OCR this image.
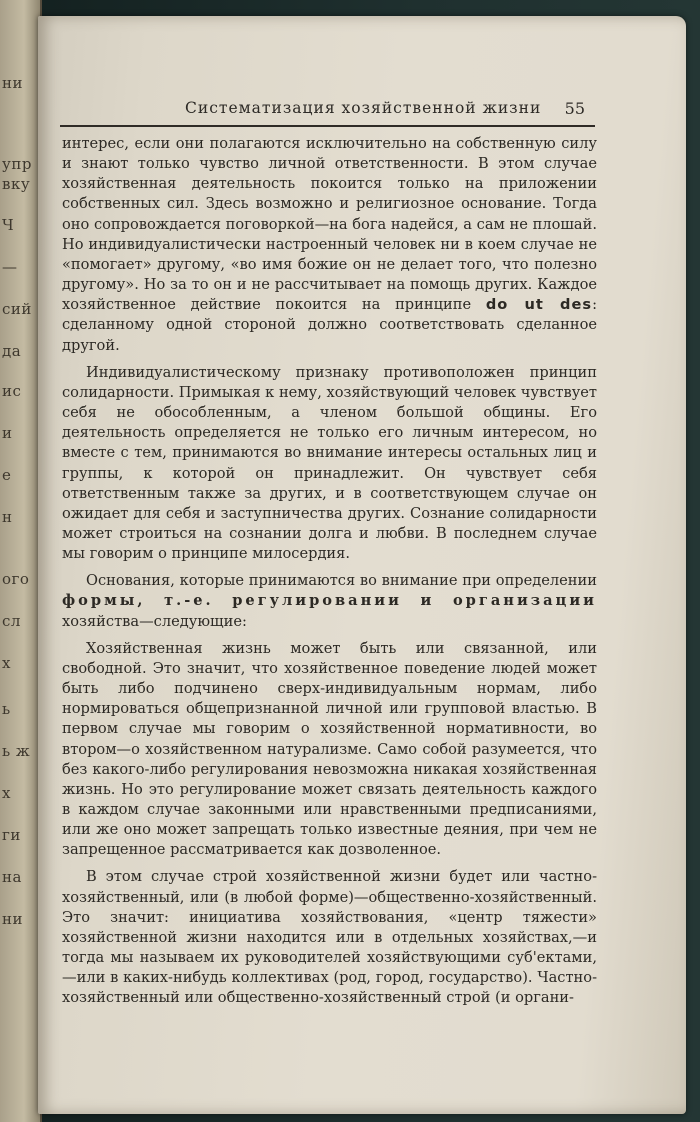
ни
упр
вку
Ч
—
сий
да
ис
и
е
н
ого
сл
х
ь
ь ж
х
ги
на
ни
Систематизация хозяйственной жизни 55

интерес, если они полагаются исключительно на собственную силу и знают только чувство личной ответственности. В этом случае хозяйственная деятельность покоится только на приложении собственных сил. Здесь возможно и религиозное основание. Тогда оно сопровождается поговоркой—на бога надейся, а сам не плошай. Но индивидуалистически настроенный человек ни в коем случае не «помогает» другому, «во имя божие он не делает того, что полезно другому». Но за то он и не рассчитывает на помощь других. Каждое хозяйственное действие покоится на принципе do ut des: сделанному одной стороной должно соответствовать сделанное другой.

Индивидуалистическому признаку противоположен принцип солидарности. Примыкая к нему, хозяйствующий человек чувствует себя не обособленным, а членом большой общины. Его деятельность определяется не только его личным интересом, но вместе с тем, принимаются во внимание интересы остальных лиц и группы, к которой он принадлежит. Он чувствует себя ответственным также за других, и в соответствующем случае он ожидает для себя и заступничества других. Сознание солидарности может строиться на сознании долга и любви. В последнем случае мы говорим о принципе милосердия.

Основания, которые принимаются во внимание при определении формы, т.-е. регулировании и организации хозяйства—следующие:

Хозяйственная жизнь может быть или связанной, или свободной. Это значит, что хозяйственное поведение людей может быть либо подчинено сверх-индивидуальным нормам, либо нормироваться общепризнанной личной или групповой властью. В первом случае мы говорим о хозяйственной нормативности, во втором—о хозяйственном натурализме. Само собой разумеется, что без какого-либо регулирования невозможна никакая хозяйственная жизнь. Но это регулирование может связать деятельность каждого в каждом случае законными или нравственными предписаниями, или же оно может запрещать только известные деяния, при чем не запрещенное рассматривается как дозволенное.

В этом случае строй хозяйственной жизни будет или частно-хозяйственный, или (в любой форме)—общественно-хозяйственный. Это значит: инициатива хозяйствования, «центр тяжести» хозяйственной жизни находится или в отдельных хозяйствах,—и тогда мы называем их руководителей хозяйствующими суб'ектами,—или в каких-нибудь коллективах (род, город, государство). Частно-хозяйственный или общественно-хозяйственный строй (и органи-
